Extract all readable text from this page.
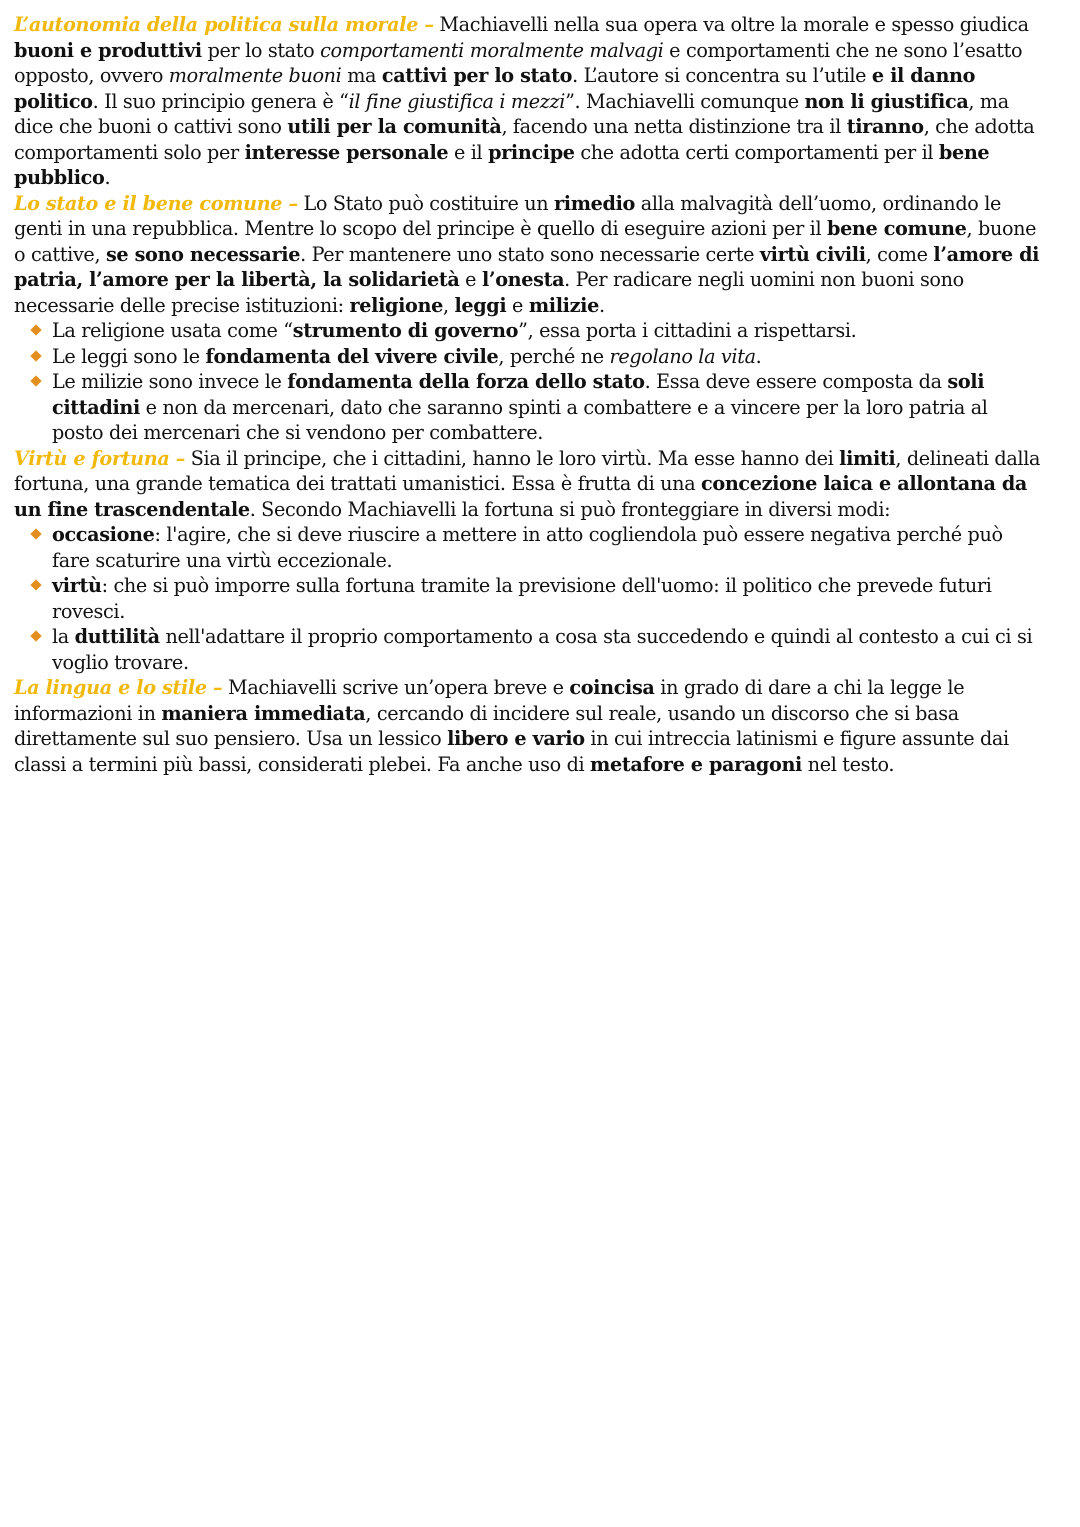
L’autonomia della politica sulla morale – Machiavelli nella sua opera va oltre la morale e spesso giudica buoni e produttivi per lo stato comportamenti moralmente malvagi e comportamenti che ne sono l’esatto opposto, ovvero moralmente buoni ma cattivi per lo stato. L’autore si concentra su l’utile e il danno politico. Il suo principio genera è “il fine giustifica i mezzi”. Machiavelli comunque non li giustifica, ma dice che buoni o cattivi sono utili per la comunità, facendo una netta distinzione tra il tiranno, che adotta comportamenti solo per interesse personale e il principe che adotta certi comportamenti per il bene pubblico.

Lo stato e il bene comune – Lo Stato può costituire un rimedio alla malvagità dell’uomo, ordinando le genti in una repubblica. Mentre lo scopo del principe è quello di eseguire azioni per il bene comune, buone o cattive, se sono necessarie. Per mantenere uno stato sono necessarie certe virtù civili, come l’amore di patria, l’amore per la libertà, la solidarietà e l’onesta. Per radicare negli uomini non buoni sono necessarie delle precise istituzioni: religione, leggi e milizie.

La religione usata come “strumento di governo”, essa porta i cittadini a rispettarsi.
Le leggi sono le fondamenta del vivere civile, perché ne regolano la vita.
Le milizie sono invece le fondamenta della forza dello stato. Essa deve essere composta da soli cittadini e non da mercenari, dato che saranno spinti a combattere e a vincere per la loro patria al posto dei mercenari che si vendono per combattere.

Virtù e fortuna – Sia il principe, che i cittadini, hanno le loro virtù. Ma esse hanno dei limiti, delineati dalla fortuna, una grande tematica dei trattati umanistici. Essa è frutta di una concezione laica e allontana da un fine trascendentale. Secondo Machiavelli la fortuna si può fronteggiare in diversi modi:

occasione: l'agire, che si deve riuscire a mettere in atto cogliendola può essere negativa perché può fare scaturire una virtù eccezionale.
virtù: che si può imporre sulla fortuna tramite la previsione dell'uomo: il politico che prevede futuri rovesci.
la duttilità nell'adattare il proprio comportamento a cosa sta succedendo e quindi al contesto a cui ci si voglio trovare.

La lingua e lo stile – Machiavelli scrive un’opera breve e coincisa in grado di dare a chi la legge le informazioni in maniera immediata, cercando di incidere sul reale, usando un discorso che si basa direttamente sul suo pensiero. Usa un lessico libero e vario in cui intreccia latinismi e figure assunte dai classi a termini più bassi, considerati plebei. Fa anche uso di metafore e paragoni nel testo.
